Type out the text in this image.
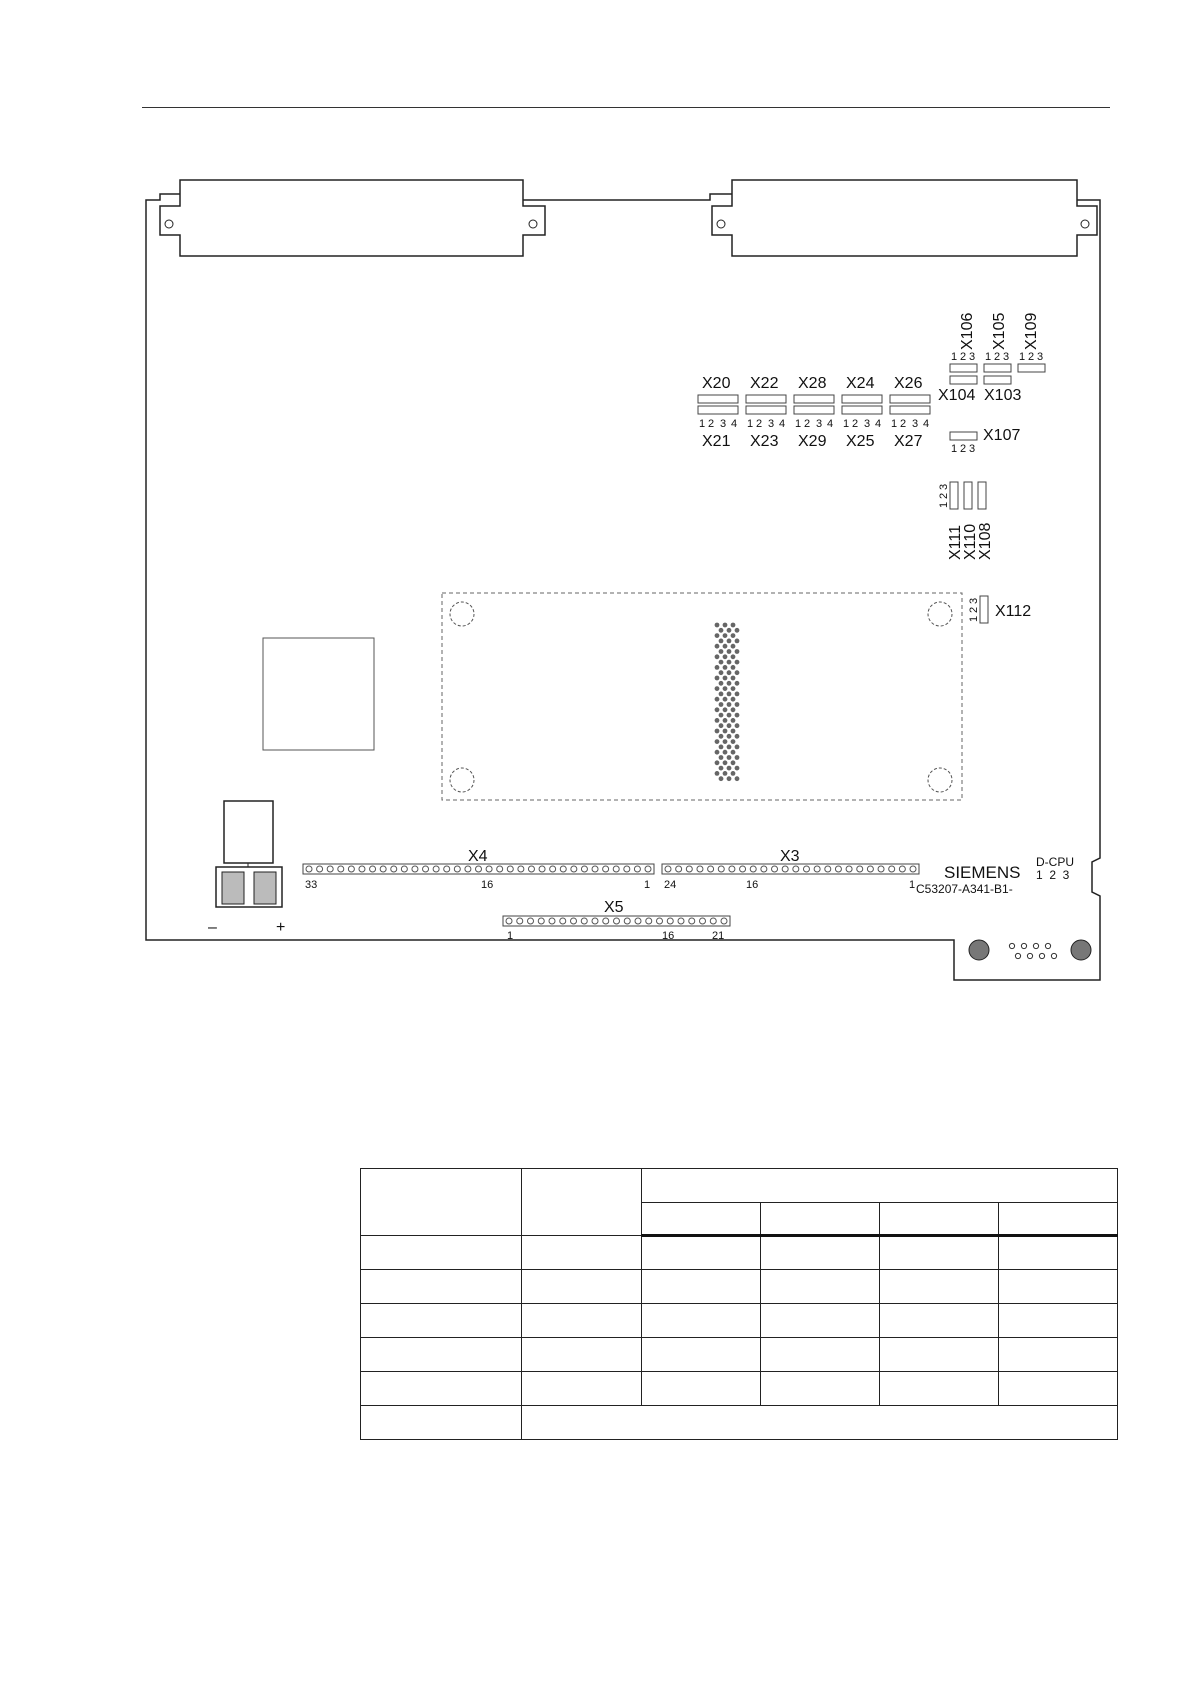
X106 X105 X109
1 2 3 1 2 3 1 2 3
X104 X103
X107
1 2 3
X20
1 2 3 4
X21
X22
1 2 3 4
X23
X28
1 2 3 4
X29
X24
1 2 3 4
X25
X26
1 2 3 4
X27
1
2
3
X111
X110
X108
1
2
3
X112
–	+
X4
33	16	1
X3
24	16	1
X5
1	16	21
SIEMENS
C53207-A341-B1-
D-CPU
1  2  3
